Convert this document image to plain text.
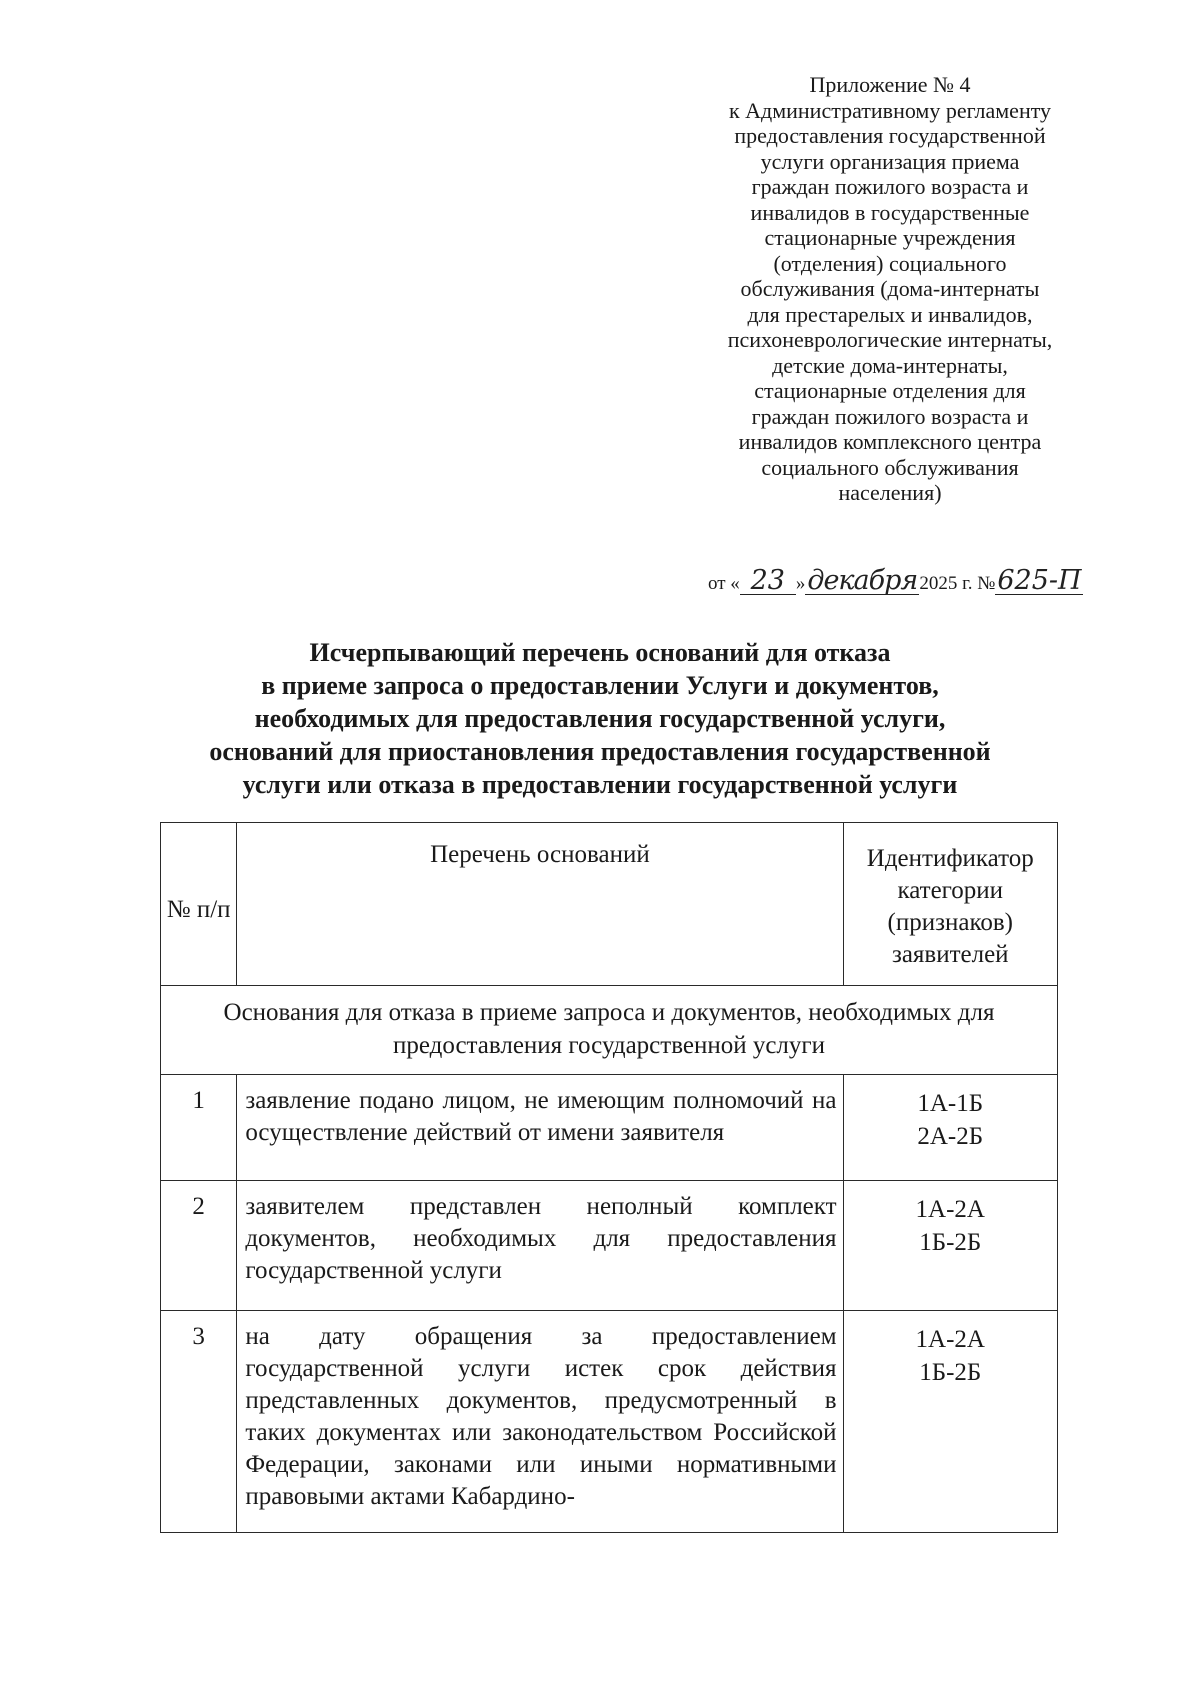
Приложение № 4
к Административному регламенту
предоставления государственной
услуги организация приема
граждан пожилого возраста и
инвалидов в государственные
стационарные учреждения
(отделения) социального
обслуживания (дома-интернаты
для престарелых и инвалидов,
психоневрологические интернаты,
детские дома-интернаты,
стационарные отделения для
граждан пожилого возраста и
инвалидов комплексного центра
социального обслуживания
населения)
от « 23 »декабря 2025 г. №625-П
Исчерпывающий перечень оснований для отказа
в приеме запроса о предоставлении Услуги и документов,
необходимых для предоставления государственной услуги,
оснований для приостановления предоставления государственной
услуги или отказа в предоставлении государственной услуги
№ п/п	Перечень оснований	Идентификатор категории (признаков) заявителей
Основания для отказа в приеме запроса и документов, необходимых для предоставления государственной услуги		
1	заявление подано лицом, не имеющим полномочий на осуществление действий от имени заявителя	1А-1Б
2А-2Б

2	заявителем представлен неполный комплект документов, необходимых для предоставления государственной услуги	1А-2А
1Б-2Б

3	на дату обращения за предоставлением государственной услуги истек срок действия представленных документов, предусмотренный в таких документах или законодательством Российской Федерации, законами или иными нормативными правовыми актами Кабардино-	1А-2А
1Б-2Б
